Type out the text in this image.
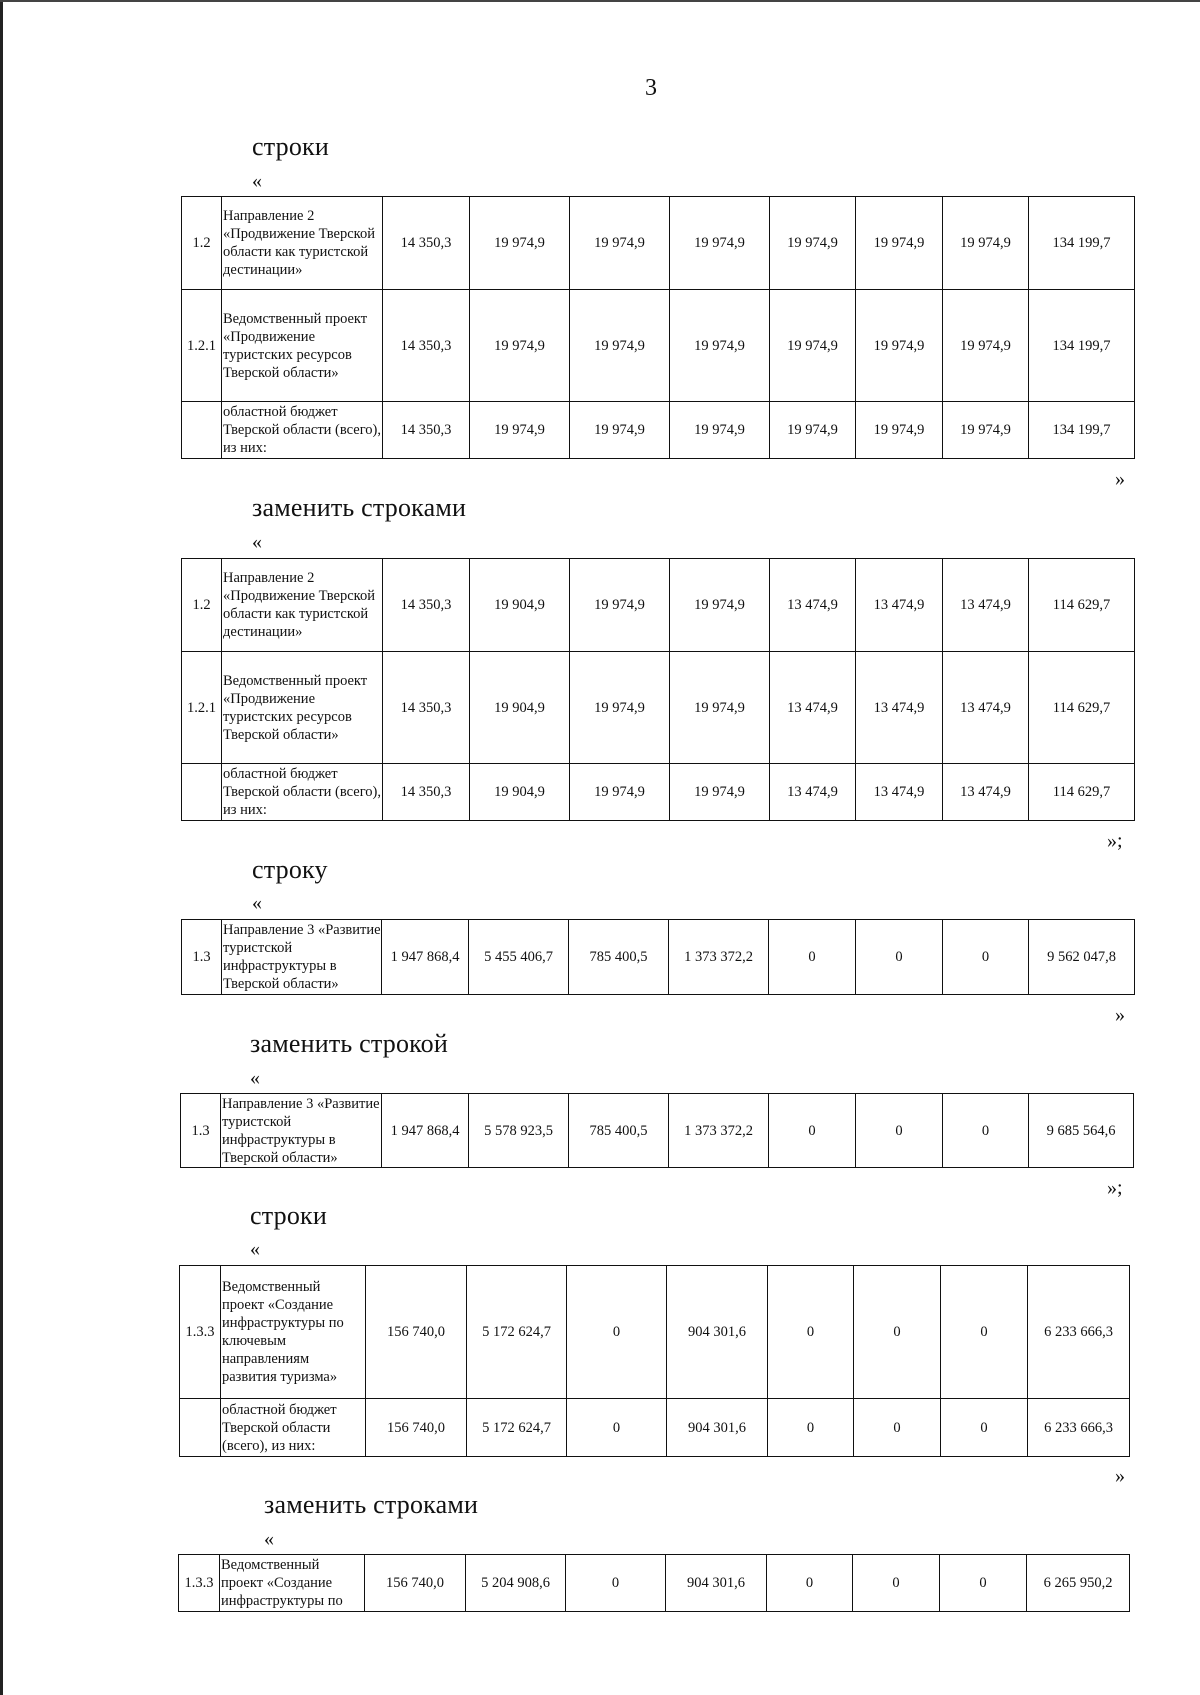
3
строки
«
1.2	Направление 2 «Продвижение Тверской области как туристской дестинации»	14 350,3	19 974,9	19 974,9	19 974,9	19 974,9	19 974,9	19 974,9	134 199,7
1.2.1	Ведомственный проект «Продвижение туристских ресурсов Тверской области»	14 350,3	19 974,9	19 974,9	19 974,9	19 974,9	19 974,9	19 974,9	134 199,7
	областной бюджет Тверской области (всего), из них:	14 350,3	19 974,9	19 974,9	19 974,9	19 974,9	19 974,9	19 974,9	134 199,7
»
заменить строками
«
1.2	Направление 2 «Продвижение Тверской области как туристской дестинации»	14 350,3	19 904,9	19 974,9	19 974,9	13 474,9	13 474,9	13 474,9	114 629,7
1.2.1	Ведомственный проект «Продвижение туристских ресурсов Тверской области»	14 350,3	19 904,9	19 974,9	19 974,9	13 474,9	13 474,9	13 474,9	114 629,7
	областной бюджет Тверской области (всего), из них:	14 350,3	19 904,9	19 974,9	19 974,9	13 474,9	13 474,9	13 474,9	114 629,7
»;
строку
«
1.3	Направление 3 «Развитие туристской инфраструктуры в Тверской области»	1 947 868,4	5 455 406,7	785 400,5	1 373 372,2	0	0	0	9 562 047,8
»
заменить строкой
«
1.3	Направление 3 «Развитие туристской инфраструктуры в Тверской области»	1 947 868,4	5 578 923,5	785 400,5	1 373 372,2	0	0	0	9 685 564,6
»;
строки
«
1.3.3	Ведомственный проект «Создание инфраструктуры по ключевым направлениям развития туризма»	156 740,0	5 172 624,7	0	904 301,6	0	0	0	6 233 666,3
	областной бюджет Тверской области (всего), из них:	156 740,0	5 172 624,7	0	904 301,6	0	0	0	6 233 666,3
»
заменить строками
«
1.3.3	Ведомственный проект «Создание инфраструктуры по	156 740,0	5 204 908,6	0	904 301,6	0	0	0	6 265 950,2
